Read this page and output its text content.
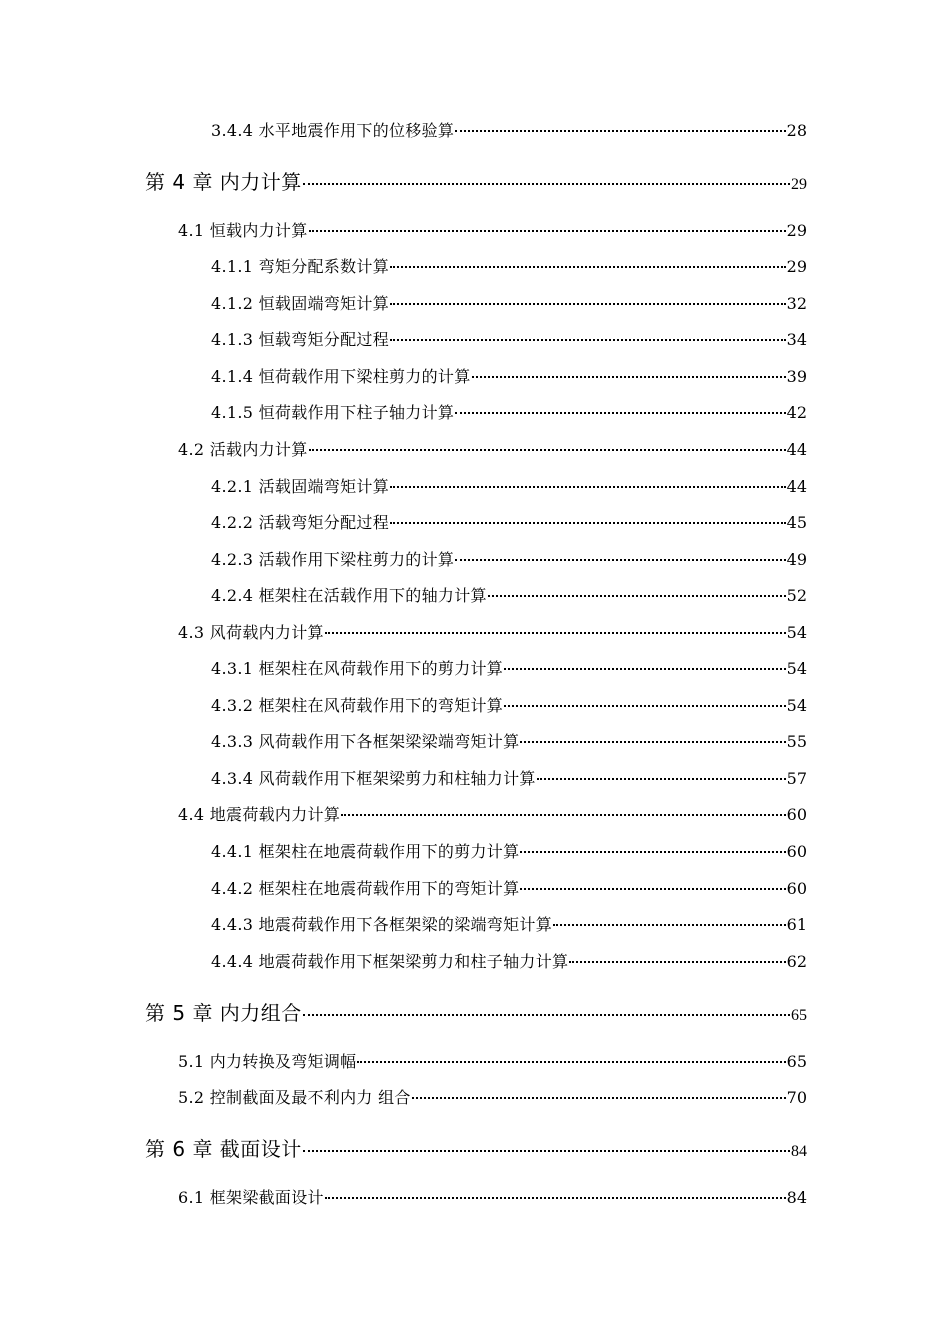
3.4.4 水平地震作用下的位移验算	28
第 4 章 内力计算	29
4.1 恒载内力计算	29
4.1.1 弯矩分配系数计算	29
4.1.2 恒载固端弯矩计算	32
4.1.3 恒载弯矩分配过程	34
4.1.4 恒荷载作用下梁柱剪力的计算	39
4.1.5 恒荷载作用下柱子轴力计算	42
4.2 活载内力计算	44
4.2.1 活载固端弯矩计算	44
4.2.2 活载弯矩分配过程	45
4.2.3 活载作用下梁柱剪力的计算	49
4.2.4 框架柱在活载作用下的轴力计算	52
4.3 风荷载内力计算	54
4.3.1 框架柱在风荷载作用下的剪力计算	54
4.3.2 框架柱在风荷载作用下的弯矩计算	54
4.3.3 风荷载作用下各框架梁梁端弯矩计算	55
4.3.4 风荷载作用下框架梁剪力和柱轴力计算	57
4.4 地震荷载内力计算	60
4.4.1 框架柱在地震荷载作用下的剪力计算	60
4.4.2 框架柱在地震荷载作用下的弯矩计算	60
4.4.3 地震荷载作用下各框架梁的梁端弯矩计算	61
4.4.4 地震荷载作用下框架梁剪力和柱子轴力计算	62
第 5 章 内力组合	65
5.1 内力转换及弯矩调幅	65
5.2 控制截面及最不利内力 组合	70
第 6 章 截面设计	84
6.1 框架梁截面设计	84
